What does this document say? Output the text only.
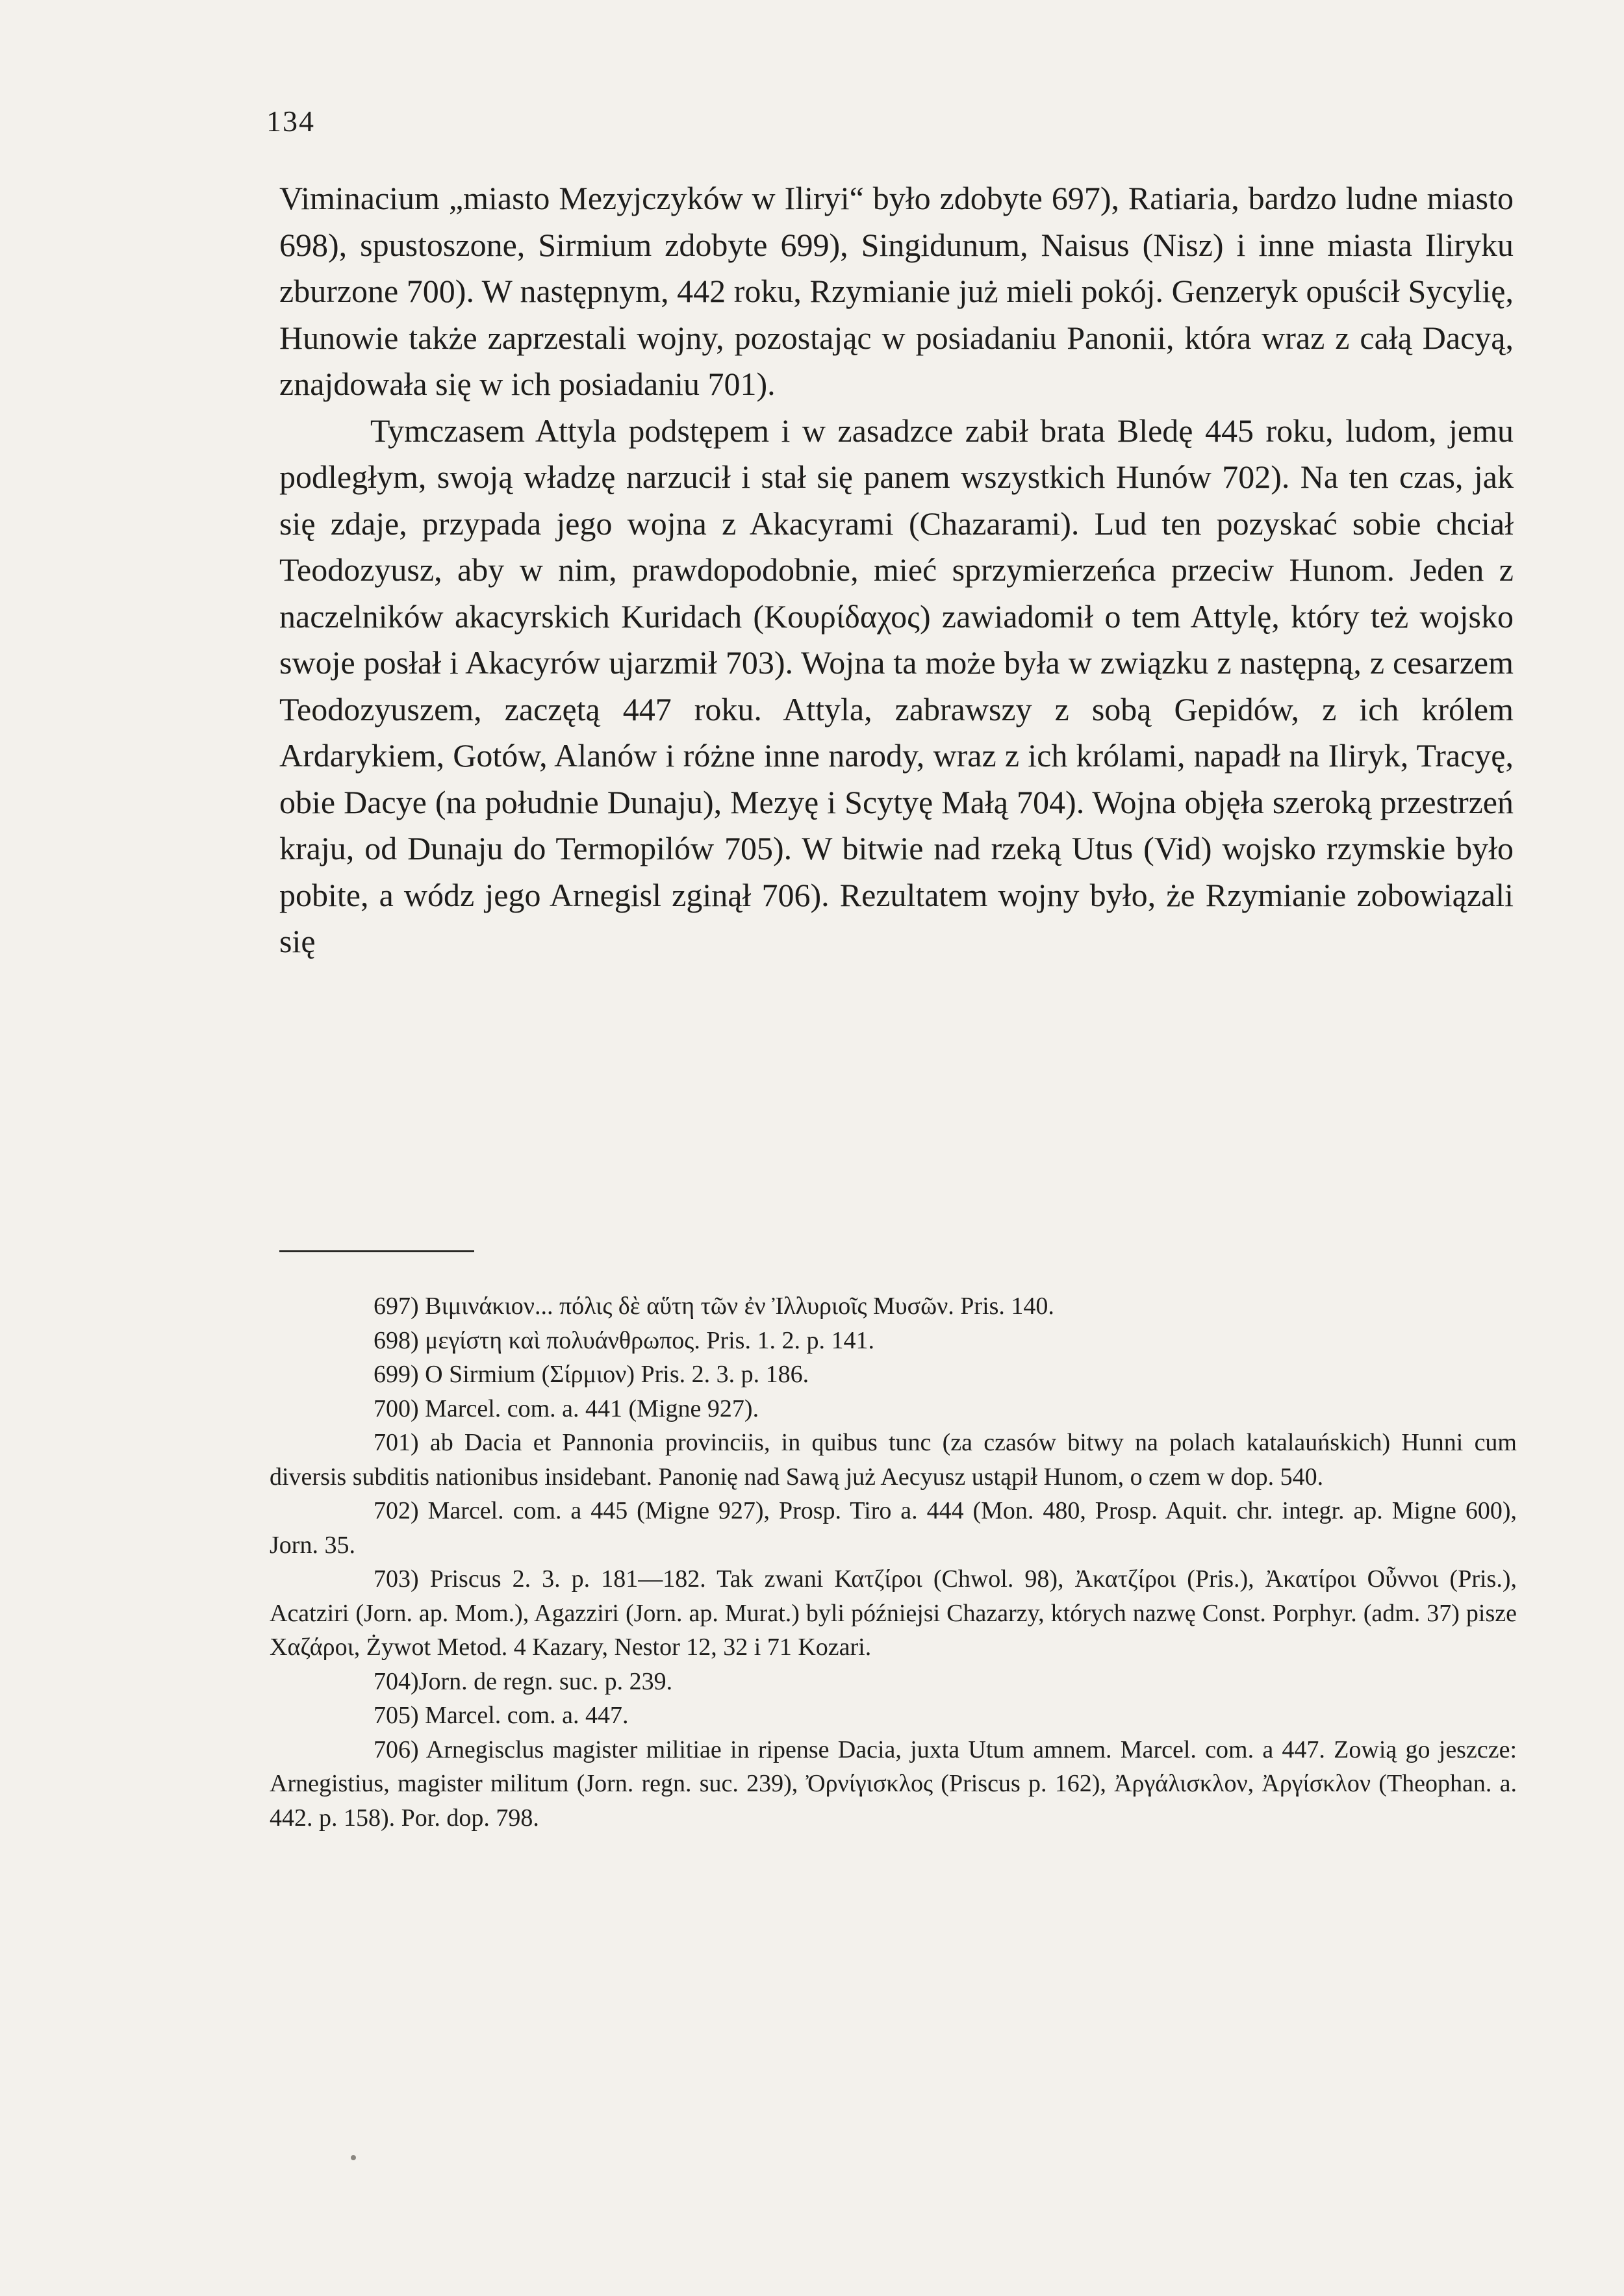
134

Viminacium „miasto Mezyjczyków w Iliryi“ było zdobyte 697), Ratiaria, bardzo ludne miasto 698), spustoszone, Sirmium zdobyte 699), Singidunum, Naisus (Nisz) i inne miasta Iliryku zburzone 700). W następnym, 442 roku, Rzymianie już mieli pokój. Genzeryk opuścił Sycylię, Hunowie także zaprzestali wojny, pozostając w posiadaniu Panonii, która wraz z całą Dacyą, znajdowała się w ich posiadaniu 701).

Tymczasem Attyla podstępem i w zasadzce zabił brata Bledę 445 roku, ludom, jemu podległym, swoją władzę narzucił i stał się panem wszystkich Hunów 702). Na ten czas, jak się zdaje, przypada jego wojna z Akacyrami (Chazarami). Lud ten pozyskać sobie chciał Teodozyusz, aby w nim, prawdopodobnie, mieć sprzymierzeńca przeciw Hunom. Jeden z naczelników akacyrskich Kuridach (Κουρίδαχος) zawiadomił o tem Attylę, który też wojsko swoje posłał i Akacyrów ujarzmił 703). Wojna ta może była w związku z następną, z cesarzem Teodozyuszem, zaczętą 447 roku. Attyla, zabrawszy z sobą Gepidów, z ich królem Ardarykiem, Gotów, Alanów i różne inne narody, wraz z ich królami, napadł na Iliryk, Tracyę, obie Dacye (na południe Dunaju), Mezyę i Scytyę Małą 704). Wojna objęła szeroką przestrzeń kraju, od Dunaju do Termopilów 705). W bitwie nad rzeką Utus (Vid) wojsko rzymskie było pobite, a wódz jego Arnegisl zginął 706). Rezultatem wojny było, że Rzymianie zobowiązali się

697) Βιμινάκιον... πόλις δὲ αὕτη τῶν ἐν Ἰλλυριοῖς Μυσῶν. Pris. 140.

698) μεγίστη καὶ πολυάνθρωπος. Pris. 1. 2. p. 141.

699) O Sirmium (Σίρμιον) Pris. 2. 3. p. 186.

700) Marcel. com. a. 441 (Migne 927).

701) ab Dacia et Pannonia provinciis, in quibus tunc (za czasów bitwy na polach katalauńskich) Hunni cum diversis subditis nationibus insidebant. Panonię nad Sawą już Aecyusz ustąpił Hunom, o czem w dop. 540.

702) Marcel. com. a 445 (Migne 927), Prosp. Tiro a. 444 (Mon. 480, Prosp. Aquit. chr. integr. ap. Migne 600), Jorn. 35.

703) Priscus 2. 3. p. 181—182. Tak zwani Κατζίροι (Chwol. 98), Ἀκατζίροι (Pris.), Ἀκατίροι Οὖννοι (Pris.), Acatziri (Jorn. ap. Mom.), Agazziri (Jorn. ap. Murat.) byli późniejsi Chazarzy, których nazwę Const. Porphyr. (adm. 37) pisze Χαζάροι, Żywot Metod. 4 Kazary, Nestor 12, 32 i 71 Kozari.

704)Jorn. de regn. suc. p. 239.

705) Marcel. com. a. 447.

706) Arnegisclus magister militiae in ripense Dacia, juxta Utum amnem. Marcel. com. a 447. Zowią go jeszcze: Arnegistius, magister militum (Jorn. regn. suc. 239), Ὀρνίγισκλος (Priscus p. 162), Ἀργάλισκλον, Ἀργίσκλον (Theophan. a. 442. p. 158). Por. dop. 798.
